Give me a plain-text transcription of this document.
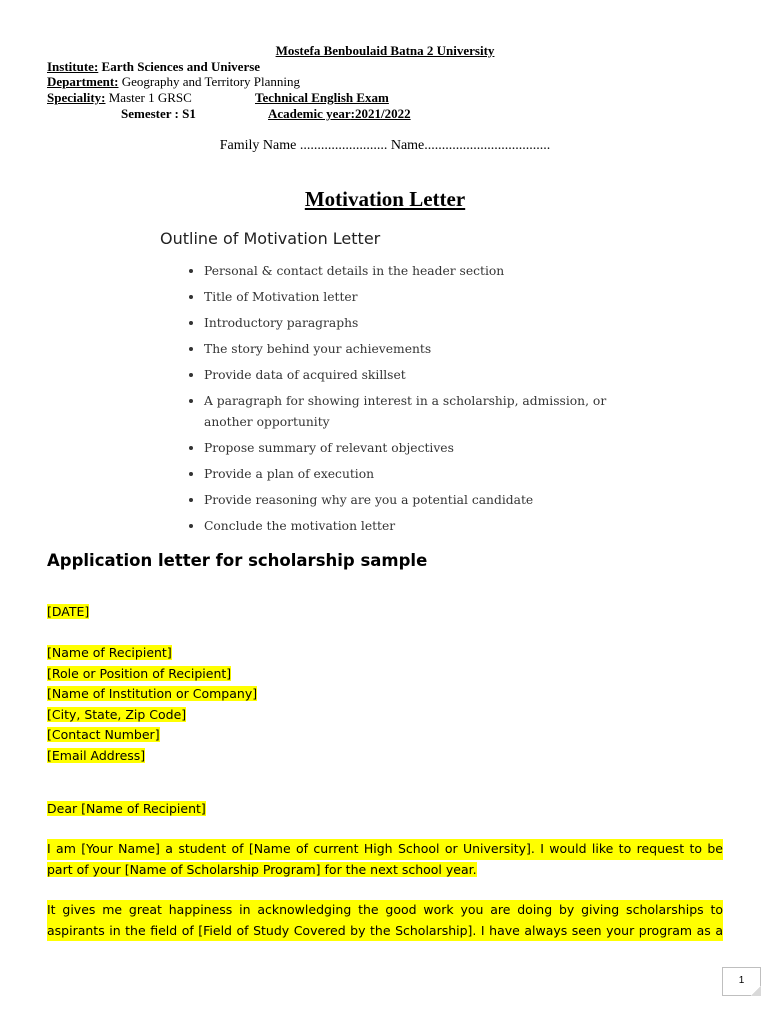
Mostefa Benboulaid Batna 2 University
Institute: Earth Sciences and Universe
Department: Geography and Territory Planning
Speciality: Master 1 GRSC	Technical English Exam
Semester : S1	Academic year:2021/2022
Family Name ......................... Name....................................
Motivation Letter
Outline of Motivation Letter
Personal & contact details in the header section
Title of Motivation letter
Introductory paragraphs
The story behind your achievements
Provide data of acquired skillset
A paragraph for showing interest in a scholarship, admission, or another opportunity
Propose summary of relevant objectives
Provide a plan of execution
Provide reasoning why are you a potential candidate
Conclude the motivation letter
Application letter for scholarship sample
[DATE]
[Name of Recipient]
[Role or Position of Recipient]
[Name of Institution or Company]
[City, State, Zip Code]
[Contact Number]
[Email Address]
Dear [Name of Recipient]
I am [Your Name] a student of [Name of current High School or University]. I would like to request to be
part of your [Name of Scholarship Program] for the next school year.
It gives me great happiness in acknowledging the good work you are doing by giving scholarships to
aspirants in the field of [Field of Study Covered by the Scholarship]. I have always seen your program as a
1
